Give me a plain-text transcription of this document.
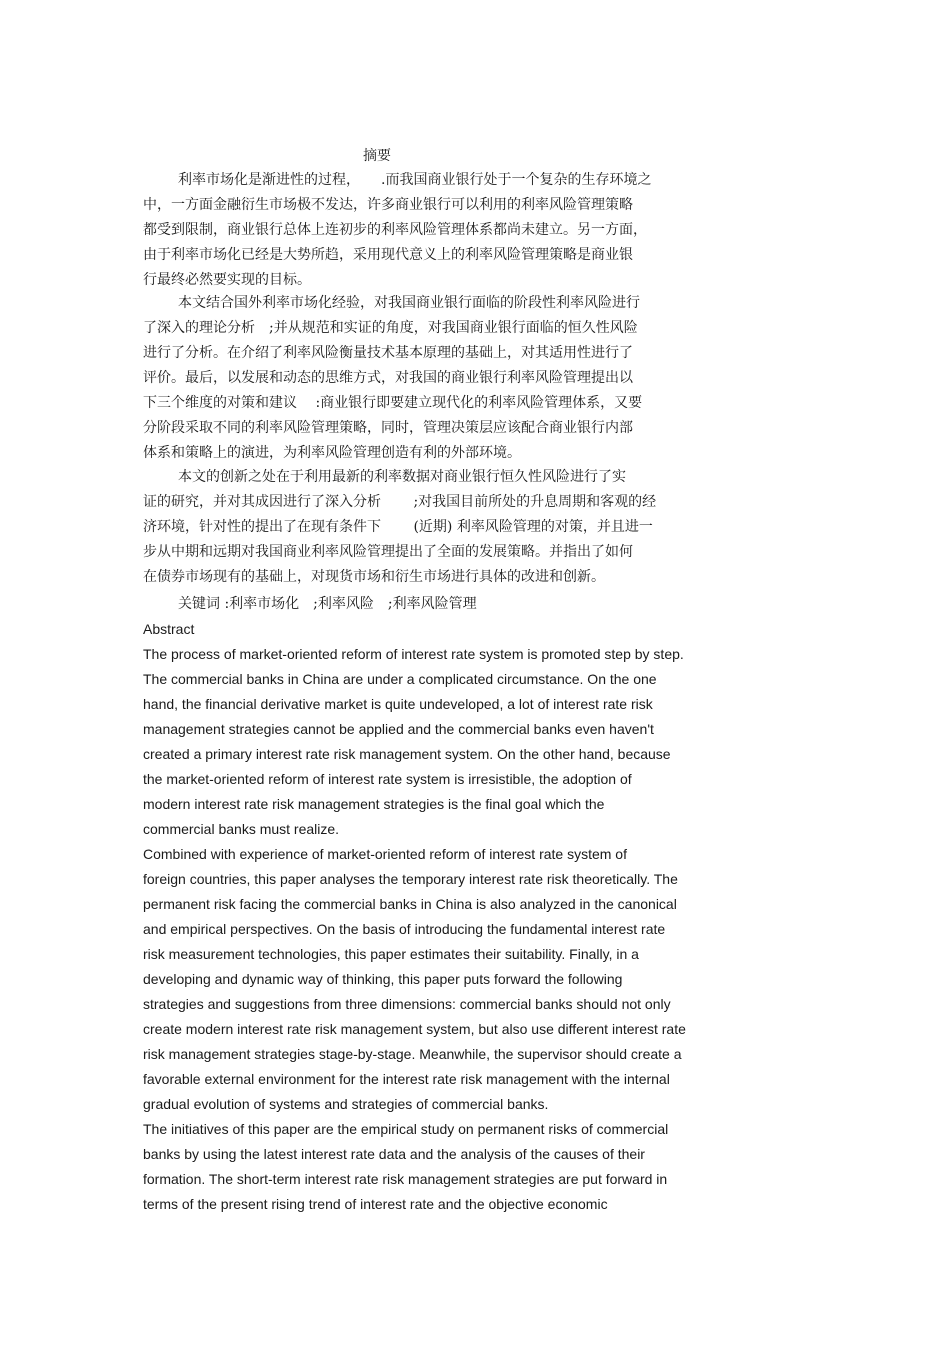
摘要
利率市场化是渐进性的过程，　　.而我国商业银行处于一个复杂的生存环境之
中，一方面金融衍生市场极不发达，许多商业银行可以利用的利率风险管理策略
都受到限制，商业银行总体上连初步的利率风险管理体系都尚未建立。另一方面，
由于利率市场化已经是大势所趋，采用现代意义上的利率风险管理策略是商业银
行最终必然要实现的目标。
本文结合国外利率市场化经验，对我国商业银行面临的阶段性利率风险进行
了深入的理论分析　;并从规范和实证的角度，对我国商业银行面临的恒久性风险
进行了分析。在介绍了利率风险衡量技术基本原理的基础上，对其适用性进行了
评价。最后，以发展和动态的思维方式，对我国的商业银行利率风险管理提出以
下三个维度的对策和建议　 :商业银行即要建立现代化的利率风险管理体系，又要
分阶段采取不同的利率风险管理策略，同时，管理决策层应该配合商业银行内部
体系和策略上的演进，为利率风险管理创造有利的外部环境。
本文的创新之处在于利用最新的利率数据对商业银行恒久性风险进行了实
证的研究，并对其成因进行了深入分析　　 ;对我国目前所处的升息周期和客观的经
济环境，针对性的提出了在现有条件下　　 (近期) 利率风险管理的对策，并且进一
步从中期和远期对我国商业利率风险管理提出了全面的发展策略。并指出了如何
在债券市场现有的基础上，对现货市场和衍生市场进行具体的改进和创新。
关键词 :利率市场化　;利率风险　;利率风险管理
Abstract
The process of market-oriented reform of interest rate system is promoted step by step.
The commercial banks in China are under a complicated circumstance. On the one
hand, the financial derivative market is quite undeveloped, a lot of interest rate risk
management strategies cannot be applied and the commercial banks even haven't
created a primary interest rate risk management system. On the other hand, because
the market-oriented reform of interest rate system is irresistible, the adoption of
modern interest rate risk management strategies is the final goal which the
commercial banks must realize.
Combined with experience of market-oriented reform of interest rate system of
foreign countries, this paper analyses the temporary interest rate risk theoretically. The
permanent risk facing the commercial banks in China is also analyzed in the canonical
and empirical perspectives. On the basis of introducing the fundamental interest rate
risk measurement technologies, this paper estimates their suitability. Finally, in a
developing and dynamic way of thinking, this paper puts forward the following
strategies and suggestions from three dimensions: commercial banks should not only
create modern interest rate risk management system, but also use different interest rate
risk management strategies stage-by-stage. Meanwhile, the supervisor should create a
favorable external environment for the interest rate risk management with the internal
gradual evolution of systems and strategies of commercial banks.
The initiatives of this paper are the empirical study on permanent risks of commercial
banks by using the latest interest rate data and the analysis of the causes of their
formation. The short-term interest rate risk management strategies are put forward in
terms of the present rising trend of interest rate and the objective economic
